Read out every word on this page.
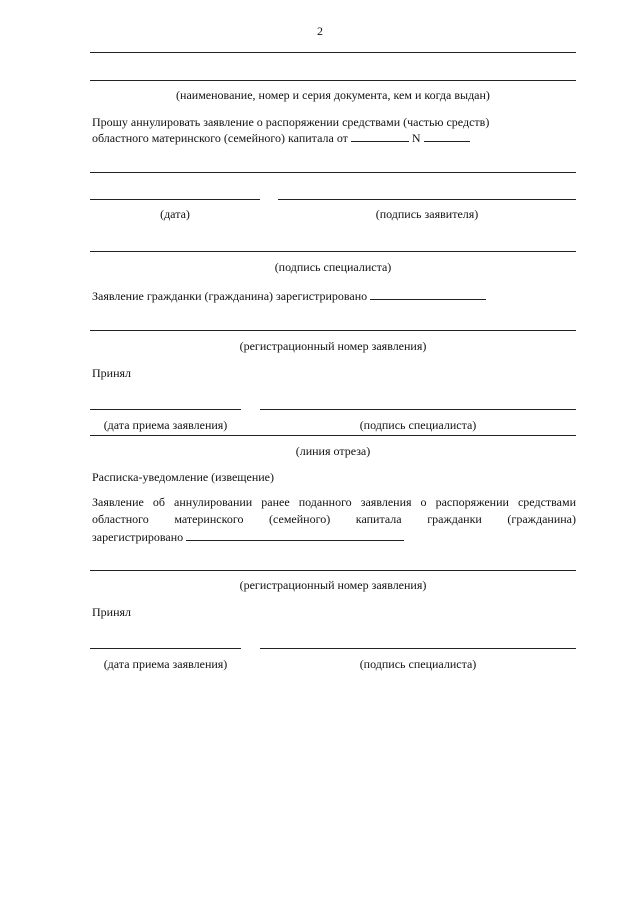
2
(наименование, номер и серия документа, кем и когда выдан)
Прошу аннулировать заявление о распоряжении средствами (частью средств)
областного материнского (семейного) капитала от	N
(дата)	(подпись заявителя)
(подпись специалиста)
Заявление гражданки (гражданина) зарегистрировано
(регистрационный номер заявления)
Принял
(дата приема заявления)	(подпись специалиста)
(линия отреза)
Расписка-уведомление (извещение)
Заявление об аннулировании ранее поданного заявления о распоряжении средствами
областного материнского (семейного) капитала гражданки (гражданина)
зарегистрировано
(регистрационный номер заявления)
Принял
(дата приема заявления)	(подпись специалиста)
